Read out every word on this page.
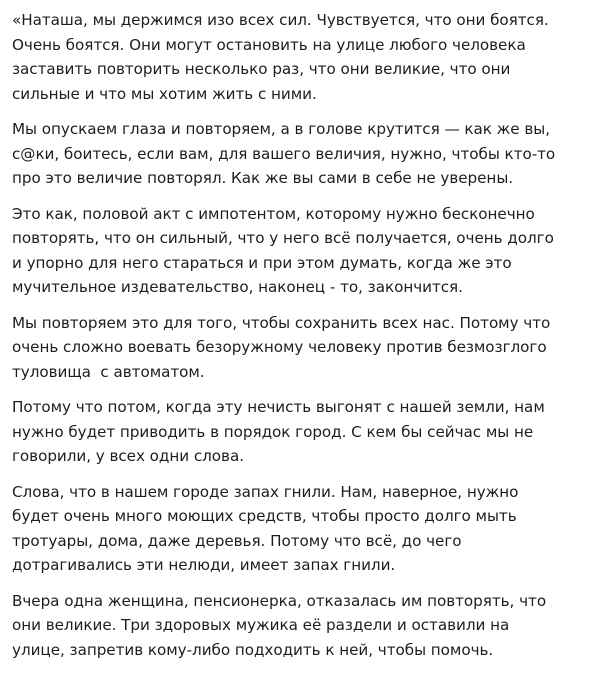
«Наташа, мы держимся изо всех сил. Чувствуется, что они боятся.
Очень боятся. Они могут остановить на улице любого человека
заставить повторить несколько раз, что они великие, что они
сильные и что мы хотим жить с ними.

Мы опускаем глаза и повторяем, а в голове крутится — как же вы,
с@ки, боитесь, если вам, для вашего величия, нужно, чтобы кто-то
про это величие повторял. Как же вы сами в себе не уверены.

Это как, половой акт с импотентом, которому нужно бесконечно
повторять, что он сильный, что у него всё получается, очень долго
и упорно для него стараться и при этом думать, когда же это
мучительное издевательство, наконец - то, закончится.

Мы повторяем это для того, чтобы сохранить всех нас. Потому что
очень сложно воевать безоружному человеку против безмозглого
туловища  с автоматом.

Потому что потом, когда эту нечисть выгонят с нашей земли, нам
нужно будет приводить в порядок город. С кем бы сейчас мы не
говорили, у всех одни слова.

Слова, что в нашем городе запах гнили. Нам, наверное, нужно
будет очень много моющих средств, чтобы просто долго мыть
тротуары, дома, даже деревья. Потому что всё, до чего
дотрагивались эти нелюди, имеет запах гнили.

Вчера одна женщина, пенсионерка, отказалась им повторять, что
они великие. Три здоровых мужика её раздели и оставили на
улице, запретив кому-либо подходить к ней, чтобы помочь.
